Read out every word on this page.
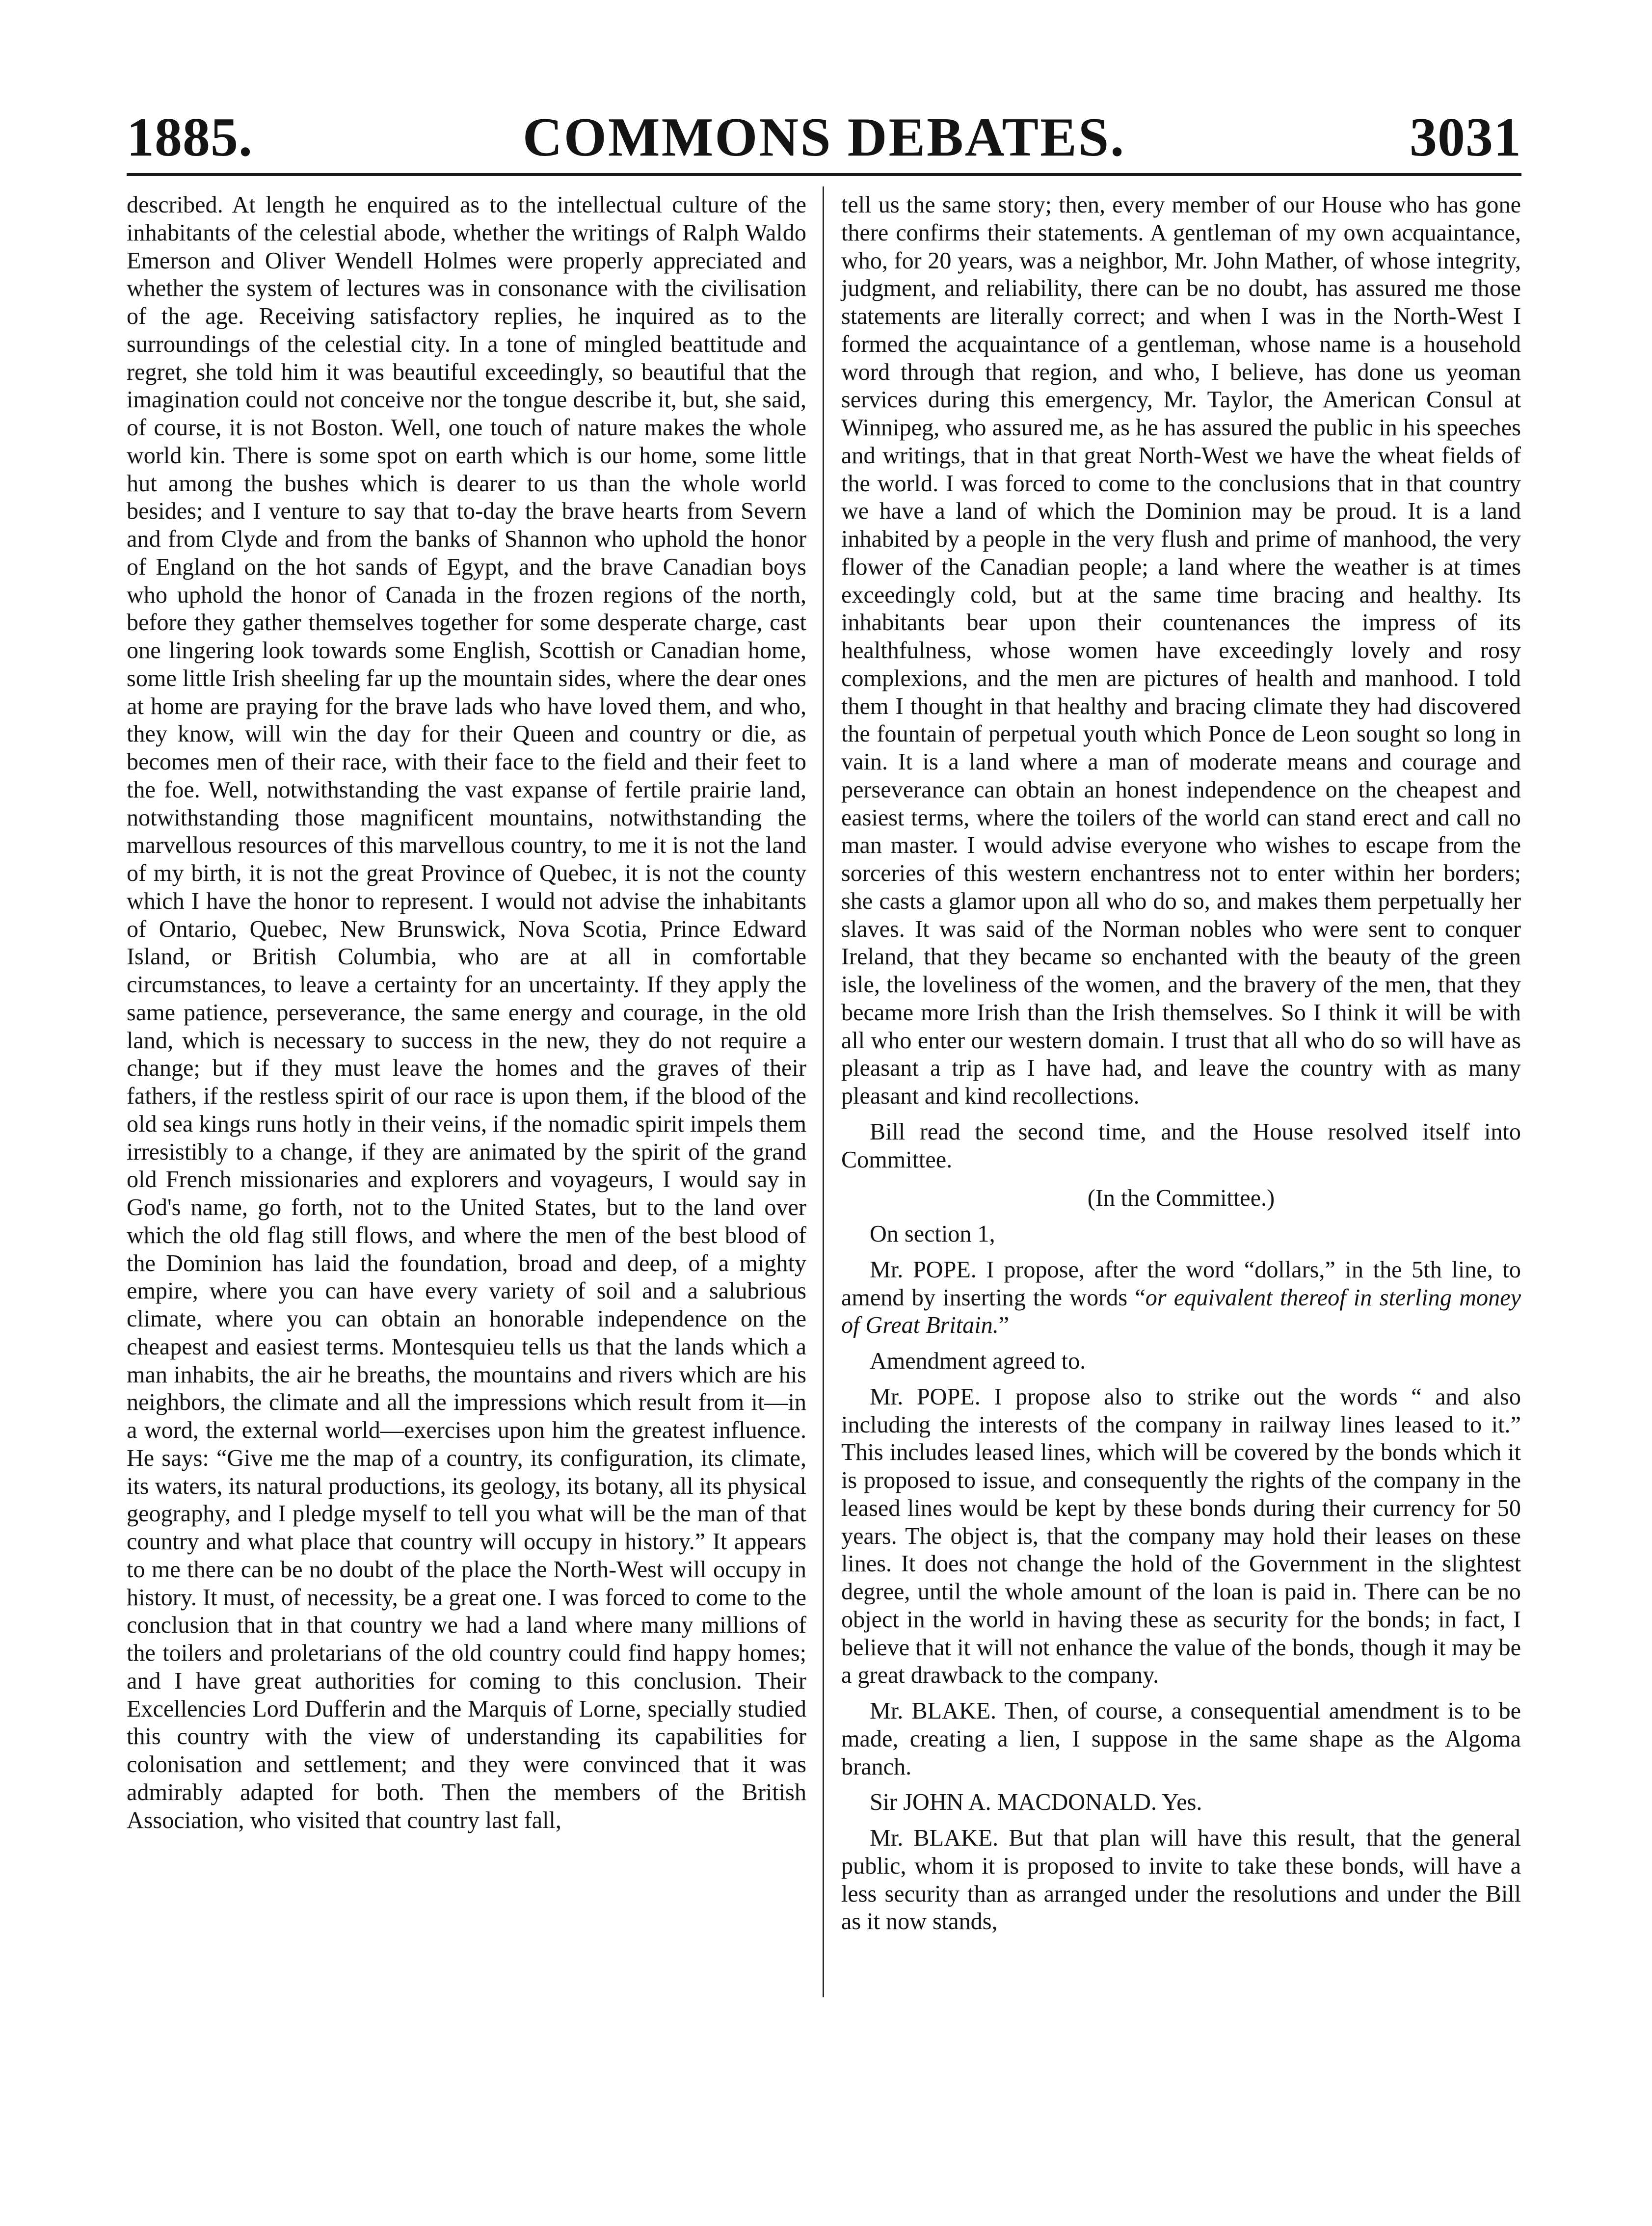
1885.	COMMONS DEBATES.	3031

described. At length he enquired as to the intellectual culture of the inhabitants of the celestial abode, whether the writings of Ralph Waldo Emerson and Oliver Wendell Holmes were properly appreciated and whether the system of lectures was in consonance with the civilisation of the age. Receiving satisfactory replies, he inquired as to the surroundings of the celestial city. In a tone of mingled beattitude and regret, she told him it was beautiful exceedingly, so beautiful that the imagination could not conceive nor the tongue describe it, but, she said, of course, it is not Boston. Well, one touch of nature makes the whole world kin. There is some spot on earth which is our home, some little hut among the bushes which is dearer to us than the whole world besides; and I venture to say that to-day the brave hearts from Severn and from Clyde and from the banks of Shannon who uphold the honor of England on the hot sands of Egypt, and the brave Canadian boys who uphold the honor of Canada in the frozen regions of the north, before they gather themselves together for some desperate charge, cast one lingering look towards some English, Scottish or Canadian home, some little Irish sheeling far up the mountain sides, where the dear ones at home are praying for the brave lads who have loved them, and who, they know, will win the day for their Queen and country or die, as becomes men of their race, with their face to the field and their feet to the foe. Well, notwithstanding the vast expanse of fertile prairie land, notwithstanding those magnificent mountains, notwithstanding the marvellous resources of this marvellous country, to me it is not the land of my birth, it is not the great Province of Quebec, it is not the county which I have the honor to represent. I would not advise the inhabitants of Ontario, Quebec, New Brunswick, Nova Scotia, Prince Edward Island, or British Columbia, who are at all in comfortable circumstances, to leave a certainty for an uncertainty. If they apply the same patience, perseverance, the same energy and courage, in the old land, which is necessary to success in the new, they do not require a change; but if they must leave the homes and the graves of their fathers, if the restless spirit of our race is upon them, if the blood of the old sea kings runs hotly in their veins, if the nomadic spirit impels them irresistibly to a change, if they are animated by the spirit of the grand old French missionaries and explorers and voyageurs, I would say in God's name, go forth, not to the United States, but to the land over which the old flag still flows, and where the men of the best blood of the Dominion has laid the foundation, broad and deep, of a mighty empire, where you can have every variety of soil and a salubrious climate, where you can obtain an honorable independence on the cheapest and easiest terms. Montesquieu tells us that the lands which a man inhabits, the air he breaths, the mountains and rivers which are his neighbors, the climate and all the impressions which result from it—in a word, the external world—exercises upon him the greatest influence. He says: “Give me the map of a country, its configuration, its climate, its waters, its natural productions, its geology, its botany, all its physical geography, and I pledge myself to tell you what will be the man of that country and what place that country will occupy in history.” It appears to me there can be no doubt of the place the North-West will occupy in history. It must, of necessity, be a great one. I was forced to come to the conclusion that in that country we had a land where many millions of the toilers and proletarians of the old country could find happy homes; and I have great authorities for coming to this conclusion. Their Excellencies Lord Dufferin and the Marquis of Lorne, specially studied this country with the view of understanding its capabilities for colonisation and settlement; and they were convinced that it was admirably adapted for both. Then the members of the British Association, who visited that country last fall,

tell us the same story; then, every member of our House who has gone there confirms their statements. A gentleman of my own acquaintance, who, for 20 years, was a neighbor, Mr. John Mather, of whose integrity, judgment, and reliability, there can be no doubt, has assured me those statements are literally correct; and when I was in the North-West I formed the acquaintance of a gentleman, whose name is a household word through that region, and who, I believe, has done us yeoman services during this emergency, Mr. Taylor, the American Consul at Winnipeg, who assured me, as he has assured the public in his speeches and writings, that in that great North-West we have the wheat fields of the world. I was forced to come to the conclusions that in that country we have a land of which the Dominion may be proud. It is a land inhabited by a people in the very flush and prime of manhood, the very flower of the Canadian people; a land where the weather is at times exceedingly cold, but at the same time bracing and healthy. Its inhabitants bear upon their countenances the impress of its healthfulness, whose women have exceedingly lovely and rosy complexions, and the men are pictures of health and manhood. I told them I thought in that healthy and bracing climate they had discovered the fountain of perpetual youth which Ponce de Leon sought so long in vain. It is a land where a man of moderate means and courage and perseverance can obtain an honest independence on the cheapest and easiest terms, where the toilers of the world can stand erect and call no man master. I would advise everyone who wishes to escape from the sorceries of this western enchantress not to enter within her borders; she casts a glamor upon all who do so, and makes them perpetually her slaves. It was said of the Norman nobles who were sent to conquer Ireland, that they became so enchanted with the beauty of the green isle, the loveliness of the women, and the bravery of the men, that they became more Irish than the Irish themselves. So I think it will be with all who enter our western domain. I trust that all who do so will have as pleasant a trip as I have had, and leave the country with as many pleasant and kind recollections.

Bill read the second time, and the House resolved itself into Committee.

(In the Committee.)

On section 1,

Mr. POPE. I propose, after the word “dollars,” in the 5th line, to amend by inserting the words “or equivalent thereof in sterling money of Great Britain.”

Amendment agreed to.

Mr. POPE. I propose also to strike out the words “ and also including the interests of the company in railway lines leased to it.” This includes leased lines, which will be covered by the bonds which it is proposed to issue, and consequently the rights of the company in the leased lines would be kept by these bonds during their currency for 50 years. The object is, that the company may hold their leases on these lines. It does not change the hold of the Government in the slightest degree, until the whole amount of the loan is paid in. There can be no object in the world in having these as security for the bonds; in fact, I believe that it will not enhance the value of the bonds, though it may be a great drawback to the company.

Mr. BLAKE. Then, of course, a consequential amendment is to be made, creating a lien, I suppose in the same shape as the Algoma branch.

Sir JOHN A. MACDONALD. Yes.

Mr. BLAKE. But that plan will have this result, that the general public, whom it is proposed to invite to take these bonds, will have a less security than as arranged under the resolutions and under the Bill as it now stands,
